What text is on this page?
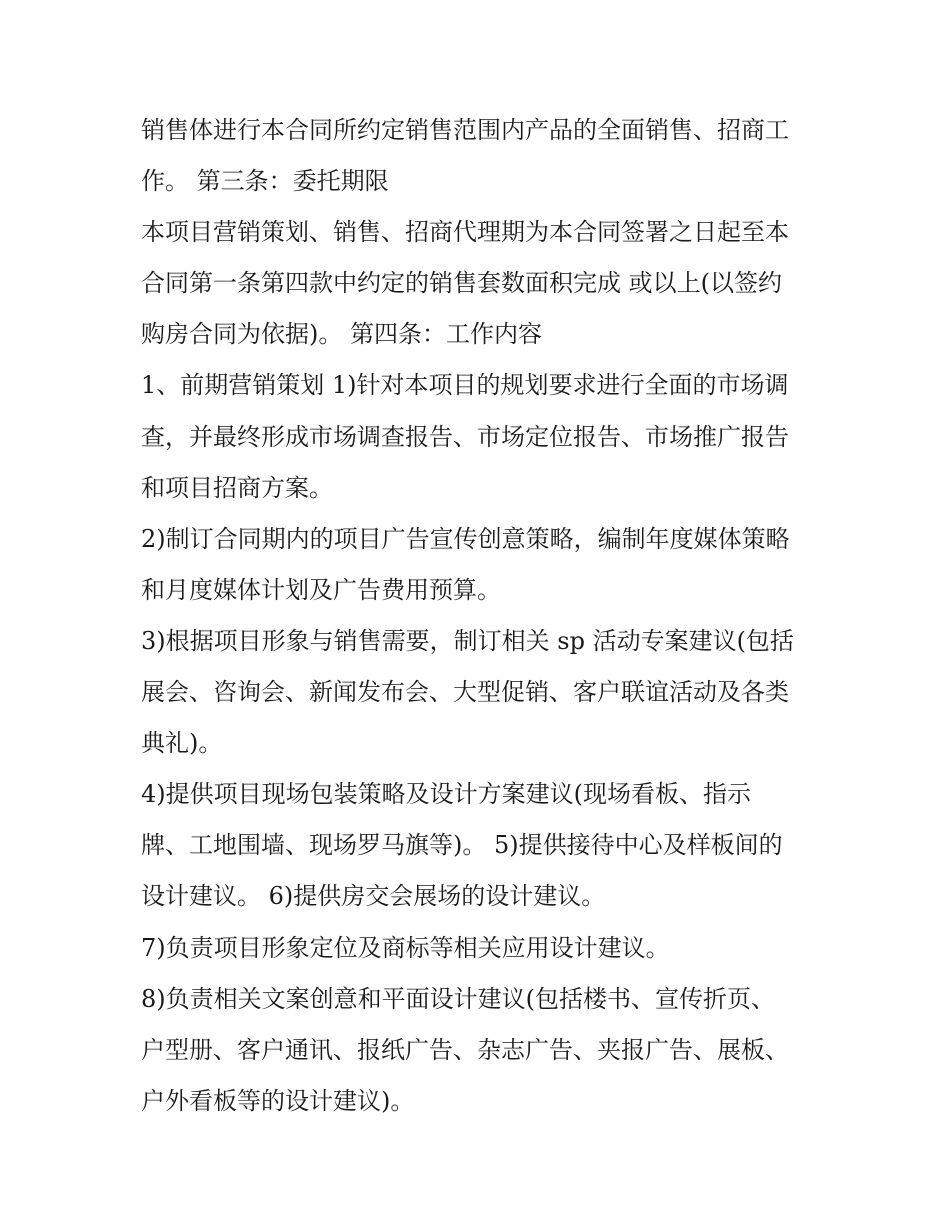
销售体进行本合同所约定销售范围内产品的全面销售、招商工
作。 第三条：委托期限
本项目营销策划、销售、招商代理期为本合同签署之日起至本
合同第一条第四款中约定的销售套数面积完成 或以上(以签约
购房合同为依据)。 第四条：工作内容
1、前期营销策划 1)针对本项目的规划要求进行全面的市场调
查，并最终形成市场调查报告、市场定位报告、市场推广报告
和项目招商方案。
2)制订合同期内的项目广告宣传创意策略，编制年度媒体策略
和月度媒体计划及广告费用预算。
3)根据项目形象与销售需要，制订相关 sp 活动专案建议(包括
展会、咨询会、新闻发布会、大型促销、客户联谊活动及各类
典礼)。
4)提供项目现场包装策略及设计方案建议(现场看板、指示
牌、工地围墙、现场罗马旗等)。 5)提供接待中心及样板间的
设计建议。 6)提供房交会展场的设计建议。
7)负责项目形象定位及商标等相关应用设计建议。
8)负责相关文案创意和平面设计建议(包括楼书、宣传折页、
户型册、客户通讯、报纸广告、杂志广告、夹报广告、展板、
户外看板等的设计建议)。
